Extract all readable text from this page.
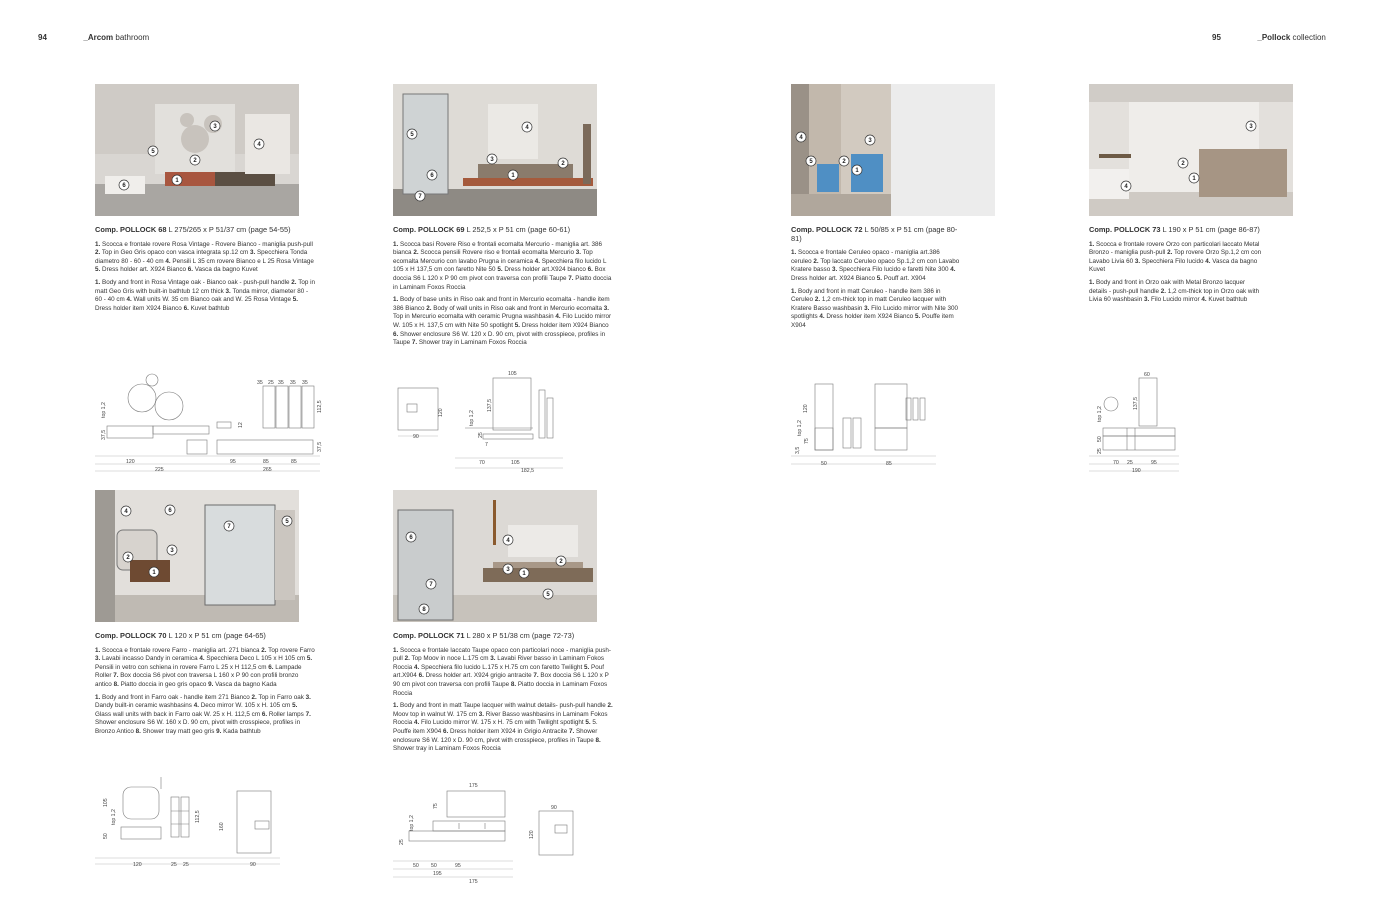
94	_Arcom bathroom	95	_Pollock collection
1
2
3
4
5
6
1
2
3
4
5
6
7
1
2
3
4
5
1
2
3
4
1
2
3
4
5
6
7
1
2
3
4
5
6
7
8
Comp. POLLOCK 68 L 275/265 x P 51/37 cm (page 54-55)

1. Scocca e frontale rovere Rosa Vintage - Rovere Bianco - maniglia push-pull 2. Top in Geo Gris opaco con vasca integrata sp.12 cm 3. Specchiera Tonda diametro 80 - 60 - 40 cm 4. Pensili L 35 cm rovere Bianco e L 25 Rosa Vintage 5. Dress holder art. X924 Bianco 6. Vasca da bagno Kuvet

1. Body and front in Rosa Vintage oak - Bianco oak - push-pull handle 2. Top in matt Geo Gris with built-in bathtub 12 cm thick 3. Tonda mirror, diameter 80 - 60 - 40 cm 4. Wall units W. 35 cm Bianco oak and W. 25 Rosa Vintage 5. Dress holder item X924 Bianco 6. Kuvet bathtub

Comp. POLLOCK 69 L 252,5 x P 51 cm (page 60-61)

1. Scocca basi Rovere Riso e frontali ecomalta Mercurio - maniglia art. 386 bianca 2. Scocca pensili Rovere riso e frontali ecomalta Mercurio 3. Top ecomalta Mercurio con lavabo Prugna in ceramica 4. Specchiera filo lucido L 105 x H 137,5 cm con faretto Nite 50 5. Dress holder art.X924 bianco 6. Box doccia S6 L 120 x P 90 cm pivot con traversa con profili Taupe 7. Piatto doccia in Laminam Foxos Roccia

1. Body of base units in Riso oak and front in Mercurio ecomalta - handle item 386 Bianco 2. Body of wall units in Riso oak and front in Mercurio ecomalta 3. Top in Mercurio ecomalta with ceramic Prugna washbasin 4. Filo Lucido mirror W. 105 x H. 137,5 cm with Nite 50 spotlight 5. Dress holder item X924 Bianco 6. Shower enclosure S6 W. 120 x D. 90 cm, pivot with crosspiece, profiles in Taupe 7. Shower tray in Laminam Foxos Roccia

Comp. POLLOCK 72 L 50/85 x P 51 cm (page 80-81)

1. Scocca e frontale Ceruleo opaco - maniglia art.386 ceruleo 2. Top laccato Ceruleo opaco Sp.1,2 cm con Lavabo Kratere basso 3. Specchiera Filo lucido e faretti Nite 300 4. Dress holder art. X924 Bianco 5. Pouff art. X904

1. Body and front in matt Ceruleo - handle item 386 in Ceruleo 2. 1,2 cm-thick top in matt Ceruleo lacquer with Kratere Basso washbasin 3. Filo Lucido mirror with Nite 300 spotlights 4. Dress holder item X924 Bianco 5. Pouffe item X904

Comp. POLLOCK 73 L 190 x P 51 cm (page 86-87)

1. Scocca e frontale rovere Orzo con particolari laccato Metal Bronzo - maniglia push-pull 2. Top rovere Orzo Sp.1,2 cm con Lavabo Livia 60 3. Specchiera Filo lucido 4. Vasca da bagno Kuvet

1. Body and front in Orzo oak with Metal Bronzo lacquer details - push-pull handle 2. 1,2 cm-thick top in Orzo oak with Livia 60 washbasin 3. Filo Lucido mirror 4. Kuvet bathtub

Comp. POLLOCK 70 L 120 x P 51 cm (page 64-65)

1. Scocca e frontale rovere Farro - maniglia art. 271 bianca 2. Top rovere Farro 3. Lavabi incasso Dandy in ceramica 4. Specchiera Deco L 105 x H 105 cm 5. Pensili in vetro con schiena in rovere Farro L 25 x H 112,5 cm 6. Lampade Roller 7. Box doccia S6 pivot con traversa L 160 x P 90 con profili bronzo antico 8. Piatto doccia in geo gris opaco 9. Vasca da bagno Kada

1. Body and front in Farro oak - handle item 271 Bianco 2. Top in Farro oak 3. Dandy built-in ceramic washbasins 4. Deco mirror W. 105 x H. 105 cm 5. Glass wall units with back in Farro oak W. 25 x H. 112,5 cm 6. Roller lamps 7. Shower enclosure S6 W. 160 x D. 90 cm, pivot with crosspiece, profiles in Bronzo Antico 8. Shower tray matt geo gris 9. Kada bathtub

Comp. POLLOCK 71 L 280 x P 51/38 cm (page 72-73)

1. Scocca e frontale laccato Taupe opaco con particolari noce - maniglia push-pull 2. Top Moov in noce L.175 cm 3. Lavabi River basso in Laminam Fokos Roccia 4. Specchiera filo lucido L.175 x H.75 cm con faretto Twilight 5. Pouf art.X904 6. Dress holder art. X924 grigio antracite 7. Box doccia S6 L 120 x P 90 cm pivot con traversa con profili Taupe 8. Piatto doccia in Laminam Foxos Roccia

1. Body and front in matt Taupe lacquer with walnut details- push-pull handle 2. Moov top in walnut W. 175 cm 3. River Basso washbasins in Laminam Fokos Roccia 4. Filo Lucido mirror W. 175 x H. 75 cm with Twilight spotlight 5. 5. Pouffe item X904 6. Dress holder item X924 in Grigio Antracite 7. Shower enclosure S6 W. 120 x D. 90 cm, pivot with crosspiece, profiles in Taupe 8. Shower tray in Laminam Foxos Roccia

35 25 35 35 35
112,5
37,5
top 1,2
12
37,5
120
225
95	85	85
265
120
90
105
137,5
top 1,2
25
7
70	105
182,5
120
top 1,2
75
3,5
50	85
60
137,5
top 1,2
50
25
70 25	95
190
105
top 1,2
50
112,5
160
120	25 25	90
175
75
top 1,2
25
50 50	95
195
175
90
120
